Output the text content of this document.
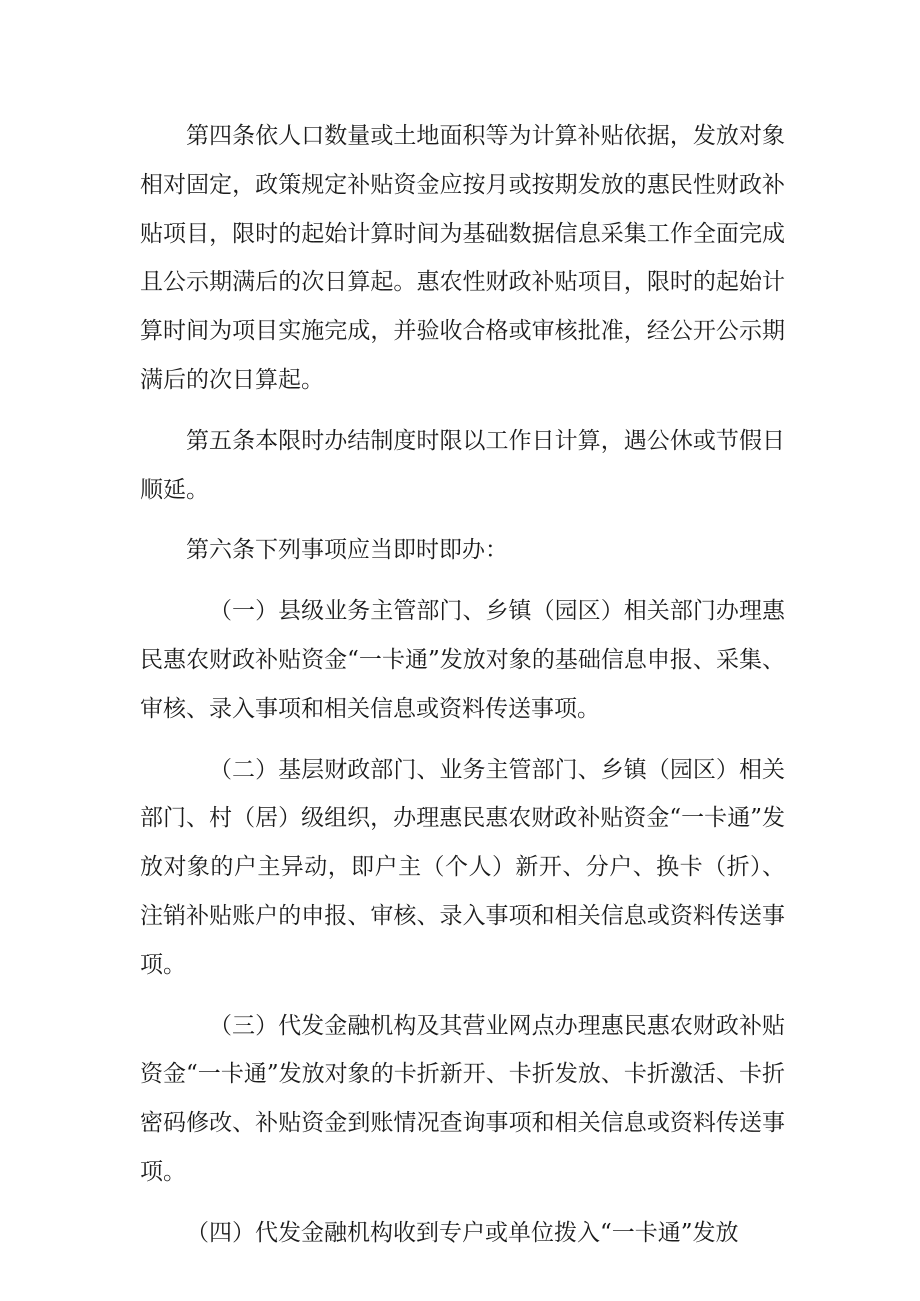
第四条依人口数量或土地面积等为计算补贴依据，发放对象相对固定，政策规定补贴资金应按月或按期发放的惠民性财政补贴项目，限时的起始计算时间为基础数据信息采集工作全面完成且公示期满后的次日算起。惠农性财政补贴项目，限时的起始计算时间为项目实施完成，并验收合格或审核批准，经公开公示期满后的次日算起。

第五条本限时办结制度时限以工作日计算，遇公休或节假日顺延。

第六条下列事项应当即时即办：

（一）县级业务主管部门、乡镇（园区）相关部门办理惠民惠农财政补贴资金“一卡通”发放对象的基础信息申报、采集、审核、录入事项和相关信息或资料传送事项。

（二）基层财政部门、业务主管部门、乡镇（园区）相关部门、村（居）级组织，办理惠民惠农财政补贴资金“一卡通”发放对象的户主异动，即户主（个人）新开、分户、换卡（折）、注销补贴账户的申报、审核、录入事项和相关信息或资料传送事项。

（三）代发金融机构及其营业网点办理惠民惠农财政补贴资金“一卡通”发放对象的卡折新开、卡折发放、卡折激活、卡折密码修改、补贴资金到账情况查询事项和相关信息或资料传送事项。

（四）代发金融机构收到专户或单位拨入“一卡通”发放
